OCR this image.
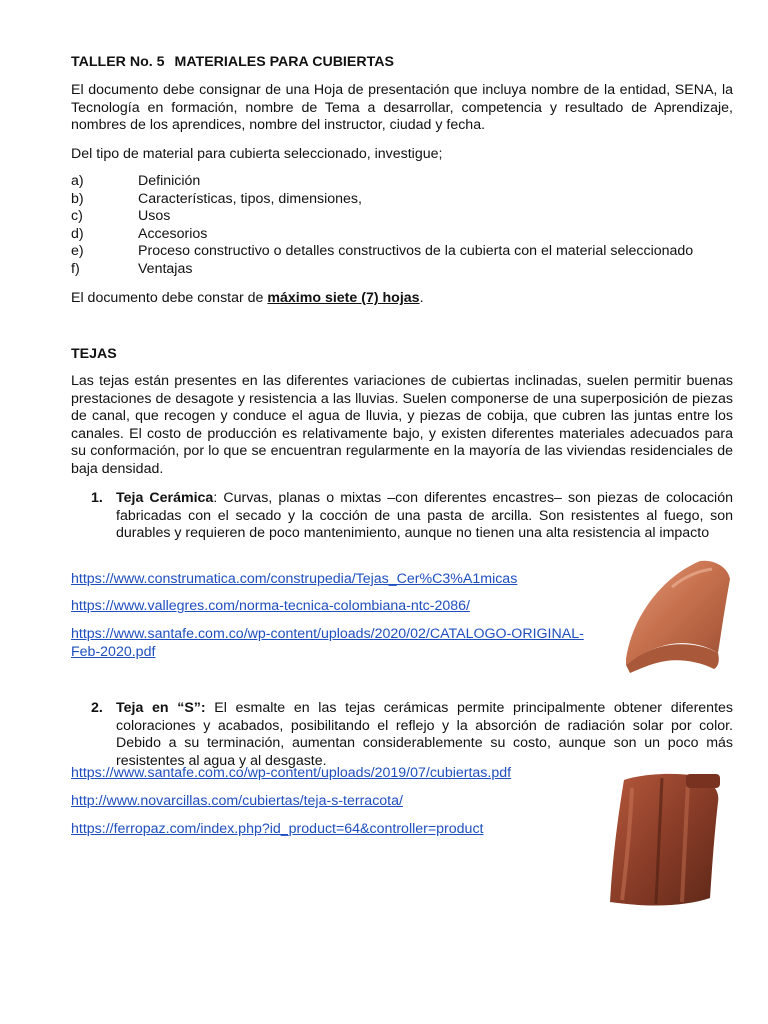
TALLER No. 5 MATERIALES PARA CUBIERTAS

El documento debe consignar de una Hoja de presentación que incluya nombre de la entidad, SENA, la Tecnología en formación, nombre de Tema a desarrollar, competencia y resultado de Aprendizaje, nombres de los aprendices, nombre del instructor, ciudad y fecha.

Del tipo de material para cubierta seleccionado, investigue;

a)	Definición
b)	Características, tipos, dimensiones,
c)	Usos
d)	Accesorios
e)	Proceso constructivo o detalles constructivos de la cubierta con el material seleccionado
f)	Ventajas

El documento debe constar de máximo siete (7) hojas.

TEJAS

Las tejas están presentes en las diferentes variaciones de cubiertas inclinadas, suelen permitir buenas prestaciones de desagote y resistencia a las lluvias. Suelen componerse de una superposición de piezas de canal, que recogen y conduce el agua de lluvia, y piezas de cobija, que cubren las juntas entre los canales. El costo de producción es relativamente bajo, y existen diferentes materiales adecuados para su conformación, por lo que se encuentran regularmente en la mayoría de las viviendas residenciales de baja densidad.

1. Teja Cerámica: Curvas, planas o mixtas –con diferentes encastres– son piezas de colocación fabricadas con el secado y la cocción de una pasta de arcilla. Son resistentes al fuego, son durables y requieren de poco mantenimiento, aunque no tienen una alta resistencia al impacto

https://www.construmatica.com/construpedia/Tejas_Cer%C3%A1micas
https://www.vallegres.com/norma-tecnica-colombiana-ntc-2086/
https://www.santafe.com.co/wp-content/uploads/2020/02/CATALOGO-ORIGINAL-Feb-2020.pdf
2. Teja en “S”: El esmalte en las tejas cerámicas permite principalmente obtener diferentes coloraciones y acabados, posibilitando el reflejo y la absorción de radiación solar por color. Debido a su terminación, aumentan considerablemente su costo, aunque son un poco más resistentes al agua y al desgaste.

https://www.santafe.com.co/wp-content/uploads/2019/07/cubiertas.pdf
http://www.novarcillas.com/cubiertas/teja-s-terracota/
https://ferropaz.com/index.php?id_product=64&controller=product
